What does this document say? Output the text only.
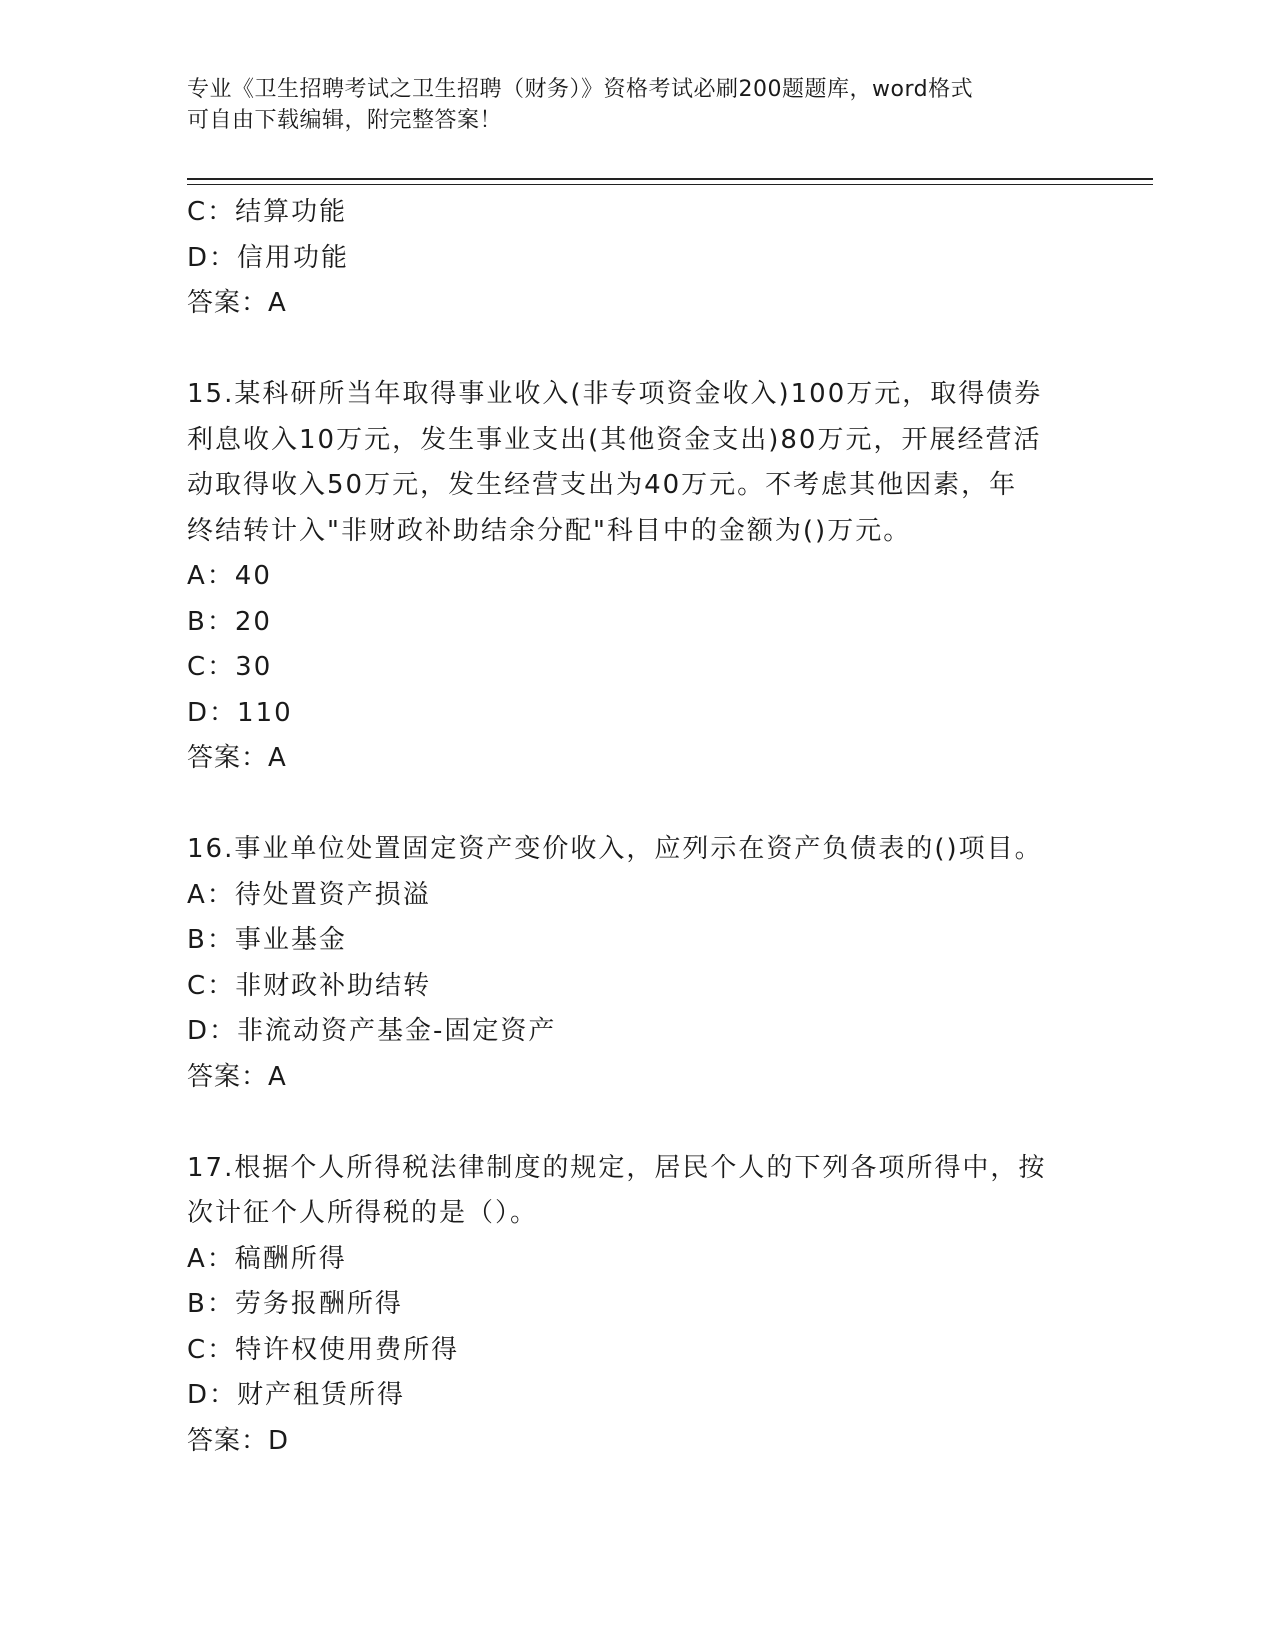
专业《卫生招聘考试之卫生招聘（财务）》资格考试必刷200题题库，word格式
可自由下载编辑，附完整答案！
C：结算功能
D：信用功能
答案：A
15.某科研所当年取得事业收入(非专项资金收入)100万元，取得债券
利息收入10万元，发生事业支出(其他资金支出)80万元，开展经营活
动取得收入50万元，发生经营支出为40万元。不考虑其他因素，年
终结转计入"非财政补助结余分配"科目中的金额为()万元。
A：40
B：20
C：30
D：110
答案：A
16.事业单位处置固定资产变价收入，应列示在资产负债表的()项目。
A：待处置资产损溢
B：事业基金
C：非财政补助结转
D：非流动资产基金-固定资产
答案：A
17.根据个人所得税法律制度的规定，居民个人的下列各项所得中，按
次计征个人所得税的是（）。
A：稿酬所得
B：劳务报酬所得
C：特许权使用费所得
D：财产租赁所得
答案：D
